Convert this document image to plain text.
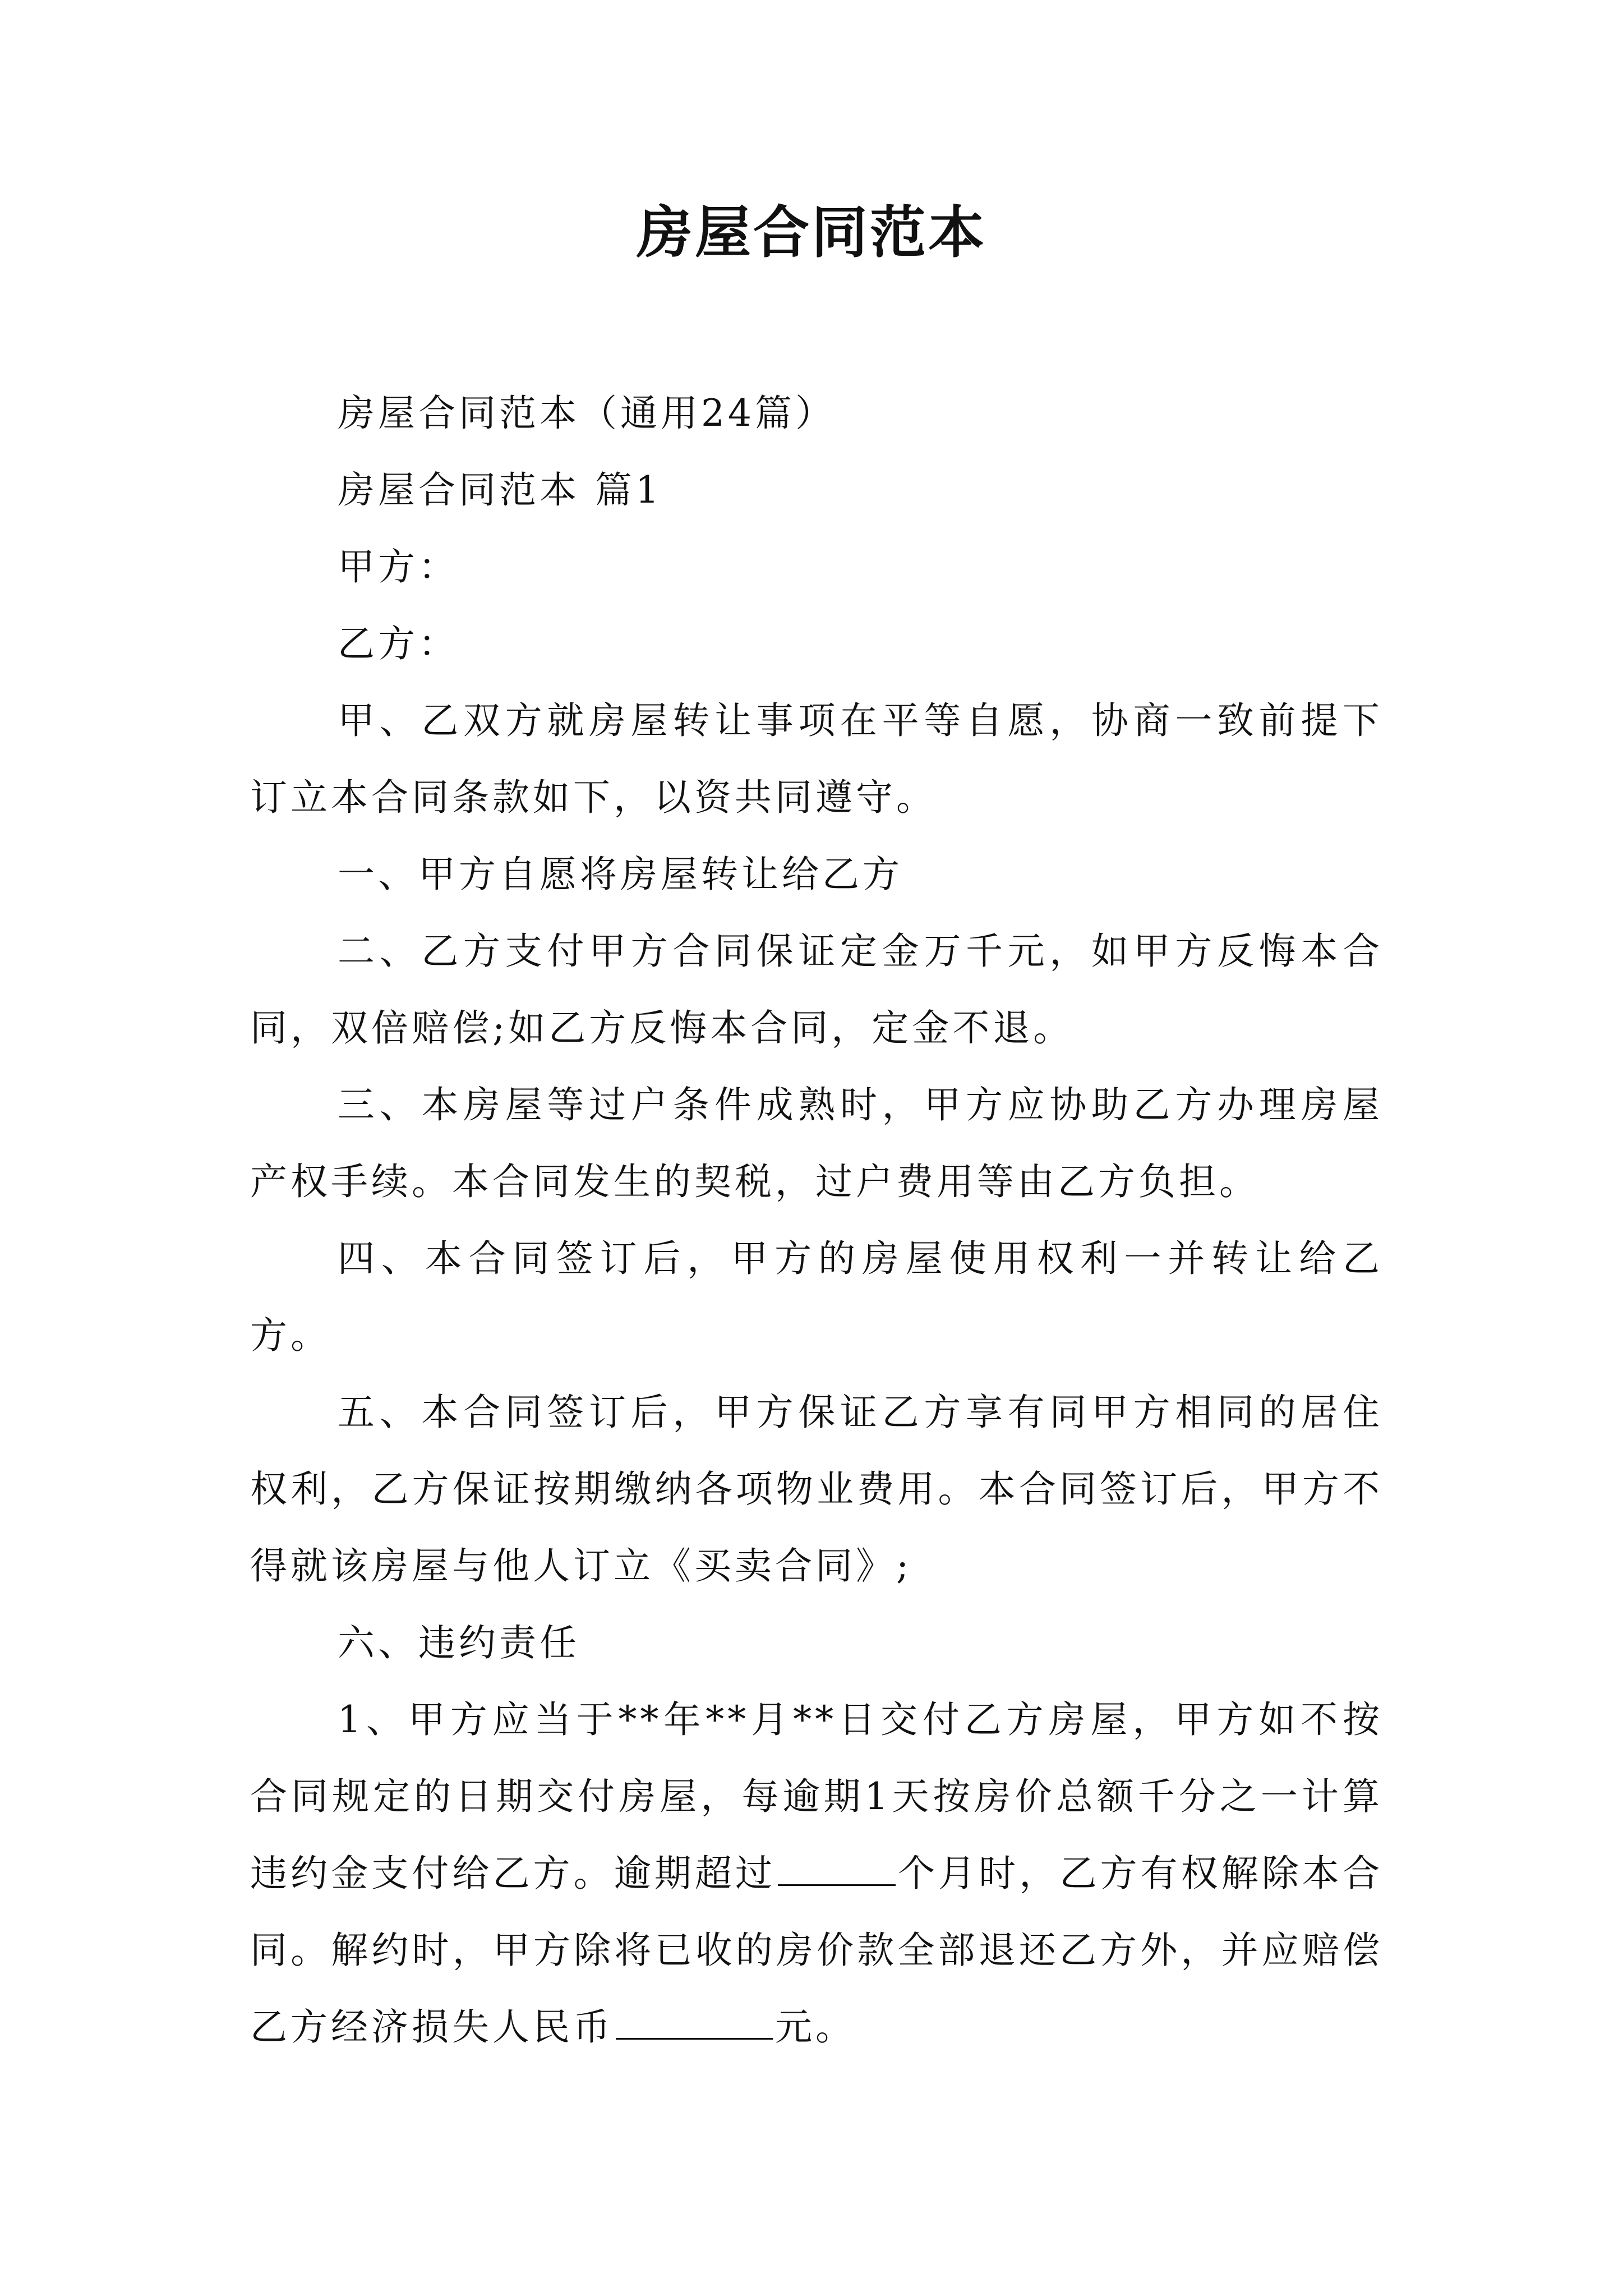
房屋合同范本

房屋合同范本（通用24篇）

房屋合同范本 篇1

甲方：

乙方：

甲、乙双方就房屋转让事项在平等自愿，协商一致前提下订立本合同条款如下，以资共同遵守。

一、甲方自愿将房屋转让给乙方

二、乙方支付甲方合同保证定金万千元，如甲方反悔本合同，双倍赔偿;如乙方反悔本合同，定金不退。

三、本房屋等过户条件成熟时，甲方应协助乙方办理房屋产权手续。本合同发生的契税，过户费用等由乙方负担。

四、本合同签订后，甲方的房屋使用权利一并转让给乙方。

五、本合同签订后，甲方保证乙方享有同甲方相同的居住权利，乙方保证按期缴纳各项物业费用。本合同签订后，甲方不得就该房屋与他人订立《买卖合同》;

六、违约责任

1、甲方应当于**年**月**日交付乙方房屋，甲方如不按合同规定的日期交付房屋，每逾期1天按房价总额千分之一计算违约金支付给乙方。逾期超过	个月时，乙方有权解除本合同。解约时，甲方除将已收的房价款全部退还乙方外，并应赔偿乙方经济损失人民币	元。
